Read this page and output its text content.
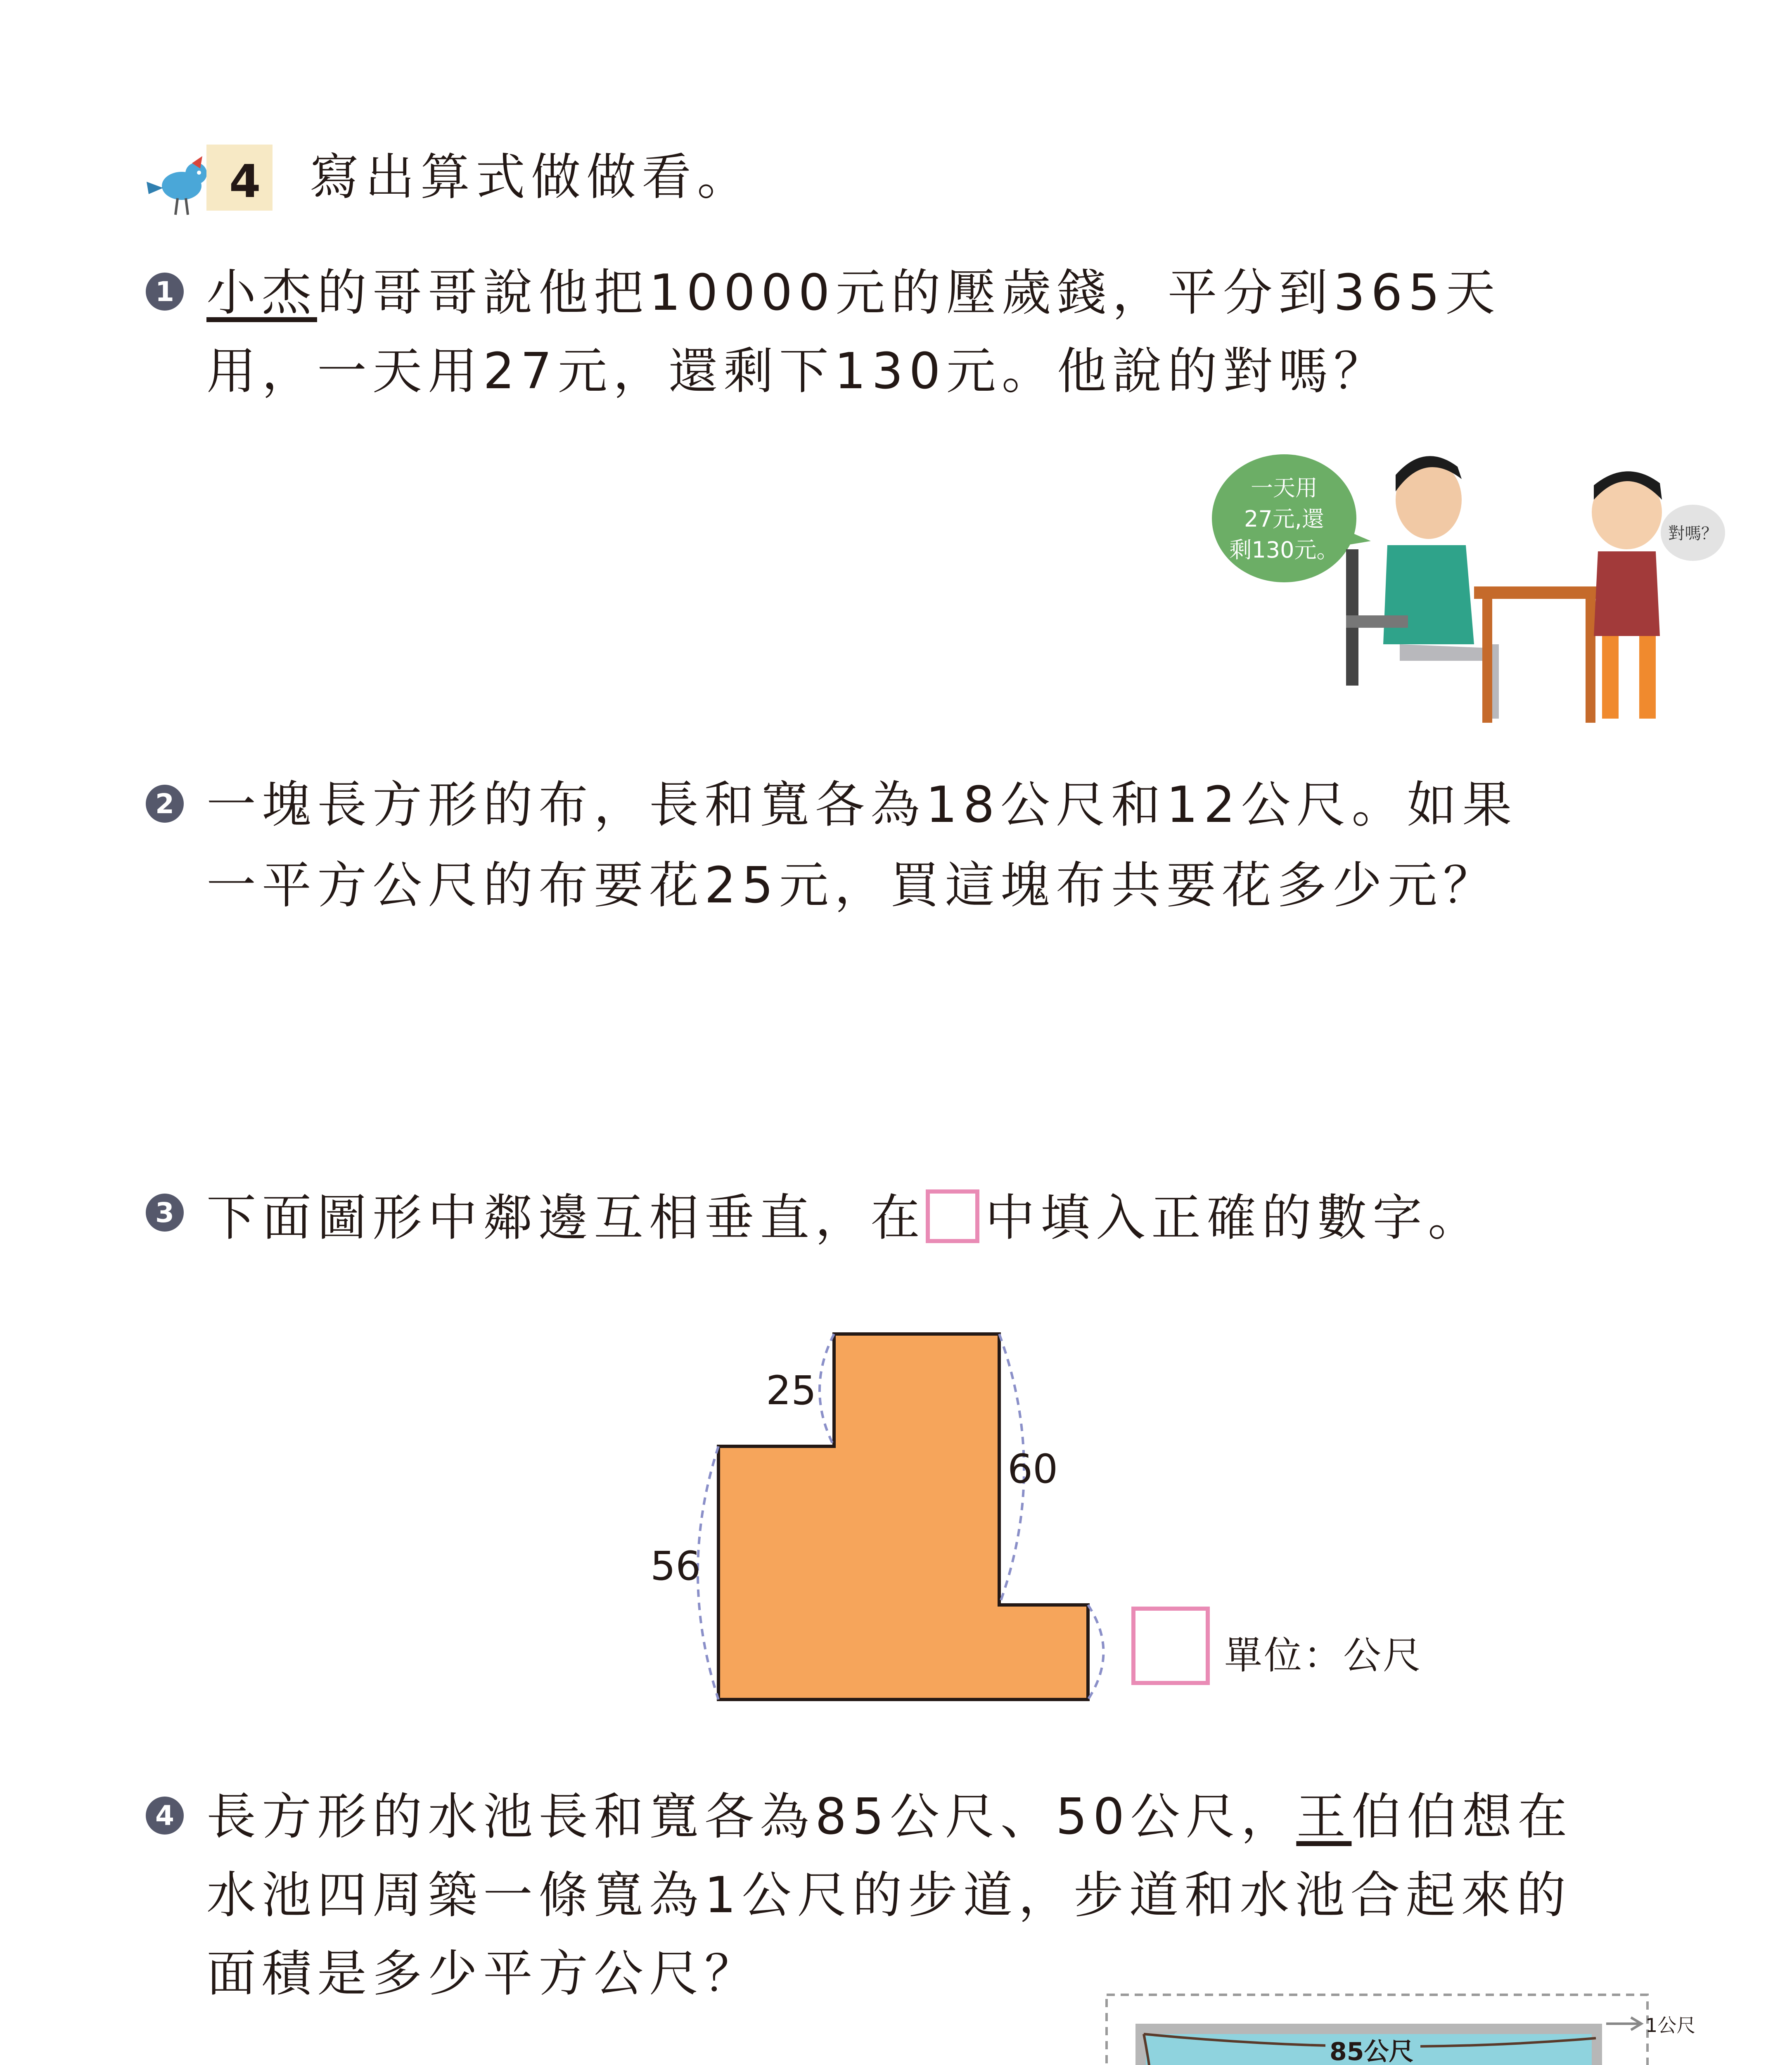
4 寫出算式做做看。
1 小杰的哥哥說他把10000元的壓歲錢，平分到365天
用，一天用27元，還剩下130元。他說的對嗎？
一天用
27元,還
剩130元。
對嗎？
2 一塊長方形的布，長和寬各為18公尺和12公尺。如果
一平方公尺的布要花25元，買這塊布共要花多少元？
3 下面圖形中鄰邊互相垂直，在 中填入正確的數字。
25
60
56
單位：公尺
4 長方形的水池長和寬各為85公尺、50公尺，王伯伯想在
水池四周築一條寬為1公尺的步道，步道和水池合起來的
面積是多少平方公尺？
85公尺
1公尺
